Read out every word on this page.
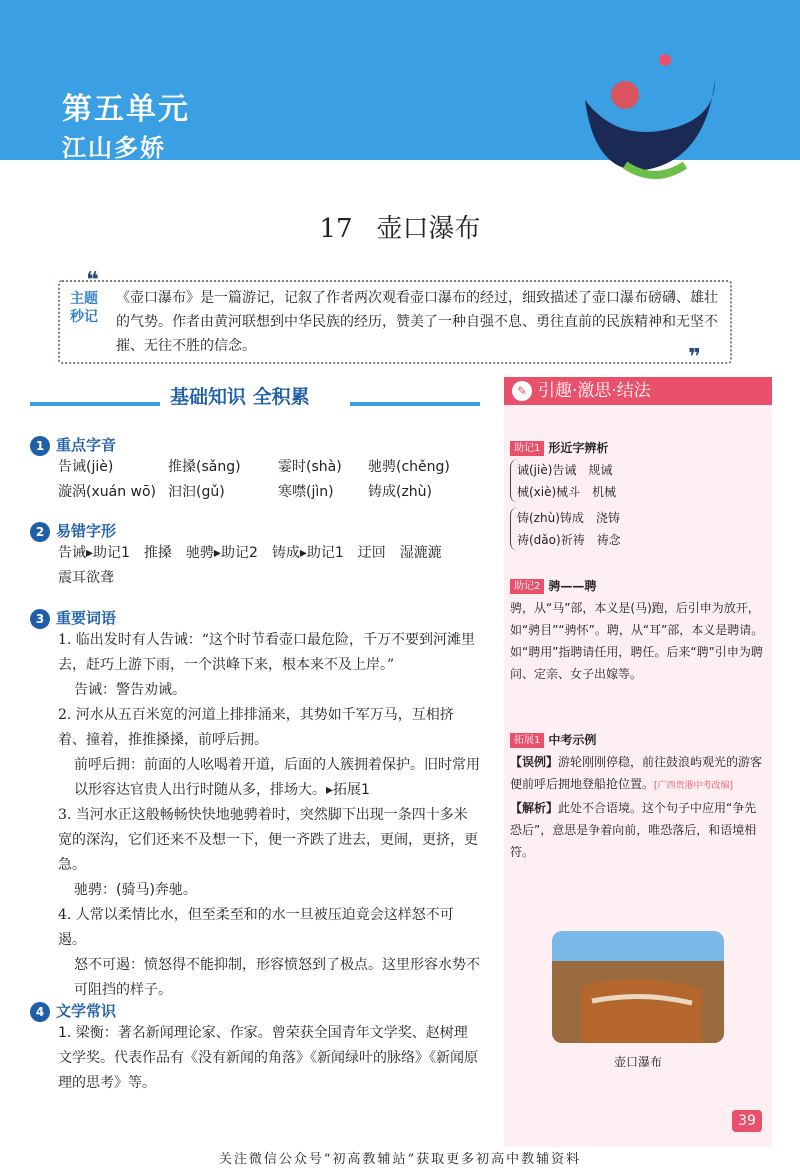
第五单元
江山多娇
17 壶口瀑布
主题秒记
《壶口瀑布》是一篇游记，记叙了作者两次观看壶口瀑布的经过，细致描述了壶口瀑布磅礴、雄壮的气势。作者由黄河联想到中华民族的经历，赞美了一种自强不息、勇往直前的民族精神和无坚不摧、无往不胜的信念。
❝
❞
基础知识 全积累
1 重点字音
告诫(jiè)	推搡(sǎng)	霎时(shà)	驰骋(chěng)
漩涡(xuán wō) 汩汩(gǔ)	寒噤(jìn)	铸成(zhù)
2 易错字形
告诫▸助记1　推搡　驰骋▸助记2　铸成▸助记1　迂回　湿漉漉
震耳欲聋
3 重要词语
1. 临出发时有人告诫：“这个时节看壶口最危险，千万不要到河滩里去，赶巧上游下雨，一个洪峰下来，根本来不及上岸。”
告诫：警告劝诫。
2. 河水从五百米宽的河道上排排涌来，其势如千军万马，互相挤着、撞着，推推搡搡，前呼后拥。
前呼后拥：前面的人吆喝着开道，后面的人簇拥着保护。旧时常用以形容达官贵人出行时随从多，排场大。▸拓展1
3. 当河水正这般畅畅快快地驰骋着时，突然脚下出现一条四十多米宽的深沟，它们还来不及想一下，便一齐跌了进去，更闹，更挤，更急。
驰骋：(骑马)奔驰。
4. 人常以柔情比水，但至柔至和的水一旦被压迫竟会这样怒不可遏。
怒不可遏：愤怒得不能抑制，形容愤怒到了极点。这里形容水势不可阻挡的样子。
4 文学常识
1. 梁衡：著名新闻理论家、作家。曾荣获全国青年文学奖、赵树理文学奖。代表作品有《没有新闻的角落》《新闻绿叶的脉络》《新闻原理的思考》等。
✎ 引趣·激思·结法
助记1 形近字辨析
诫(jiè)告诫　规诫
械(xiè)械斗　机械
铸(zhù)铸成　浇铸
祷(dǎo)祈祷　祷念
助记2 骋——聘
骋，从“马”部，本义是(马)跑，后引申为放开，如“骋目”“骋怀”。聘，从“耳”部，本义是聘请。如“聘用”指聘请任用，聘任。后来“聘”引申为聘问、定亲、女子出嫁等。
拓展1 中考示例
【误例】游轮刚刚停稳，前往鼓浪屿观光的游客便前呼后拥地登船抢位置。[广西贵港中考改编]
【解析】此处不合语境。这个句子中应用“争先恐后”，意思是争着向前，唯恐落后，和语境相符。
壶口瀑布
39
关注微信公众号“初高教辅站”获取更多初高中教辅资料
